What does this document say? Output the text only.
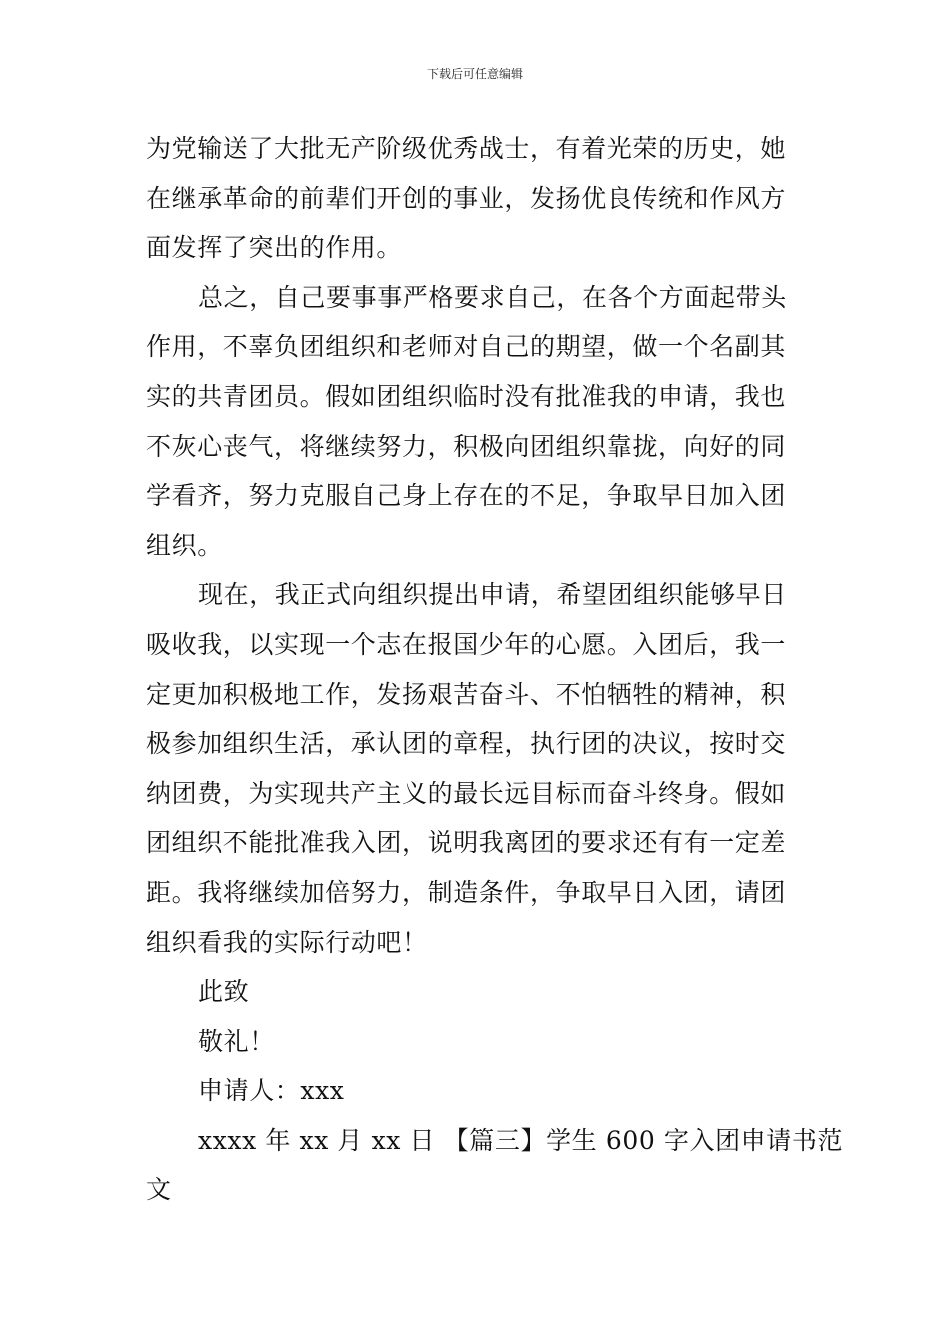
下载后可任意编辑
为党输送了大批无产阶级优秀战士，有着光荣的历史，她
在继承革命的前辈们开创的事业，发扬优良传统和作风方
面发挥了突出的作用。
总之，自己要事事严格要求自己，在各个方面起带头
作用，不辜负团组织和老师对自己的期望，做一个名副其
实的共青团员。假如团组织临时没有批准我的申请，我也
不灰心丧气，将继续努力，积极向团组织靠拢，向好的同
学看齐，努力克服自己身上存在的不足，争取早日加入团
组织。
现在，我正式向组织提出申请，希望团组织能够早日
吸收我，以实现一个志在报国少年的心愿。入团后，我一
定更加积极地工作，发扬艰苦奋斗、不怕牺牲的精神，积
极参加组织生活，承认团的章程，执行团的决议，按时交
纳团费，为实现共产主义的最长远目标而奋斗终身。假如
团组织不能批准我入团，说明我离团的要求还有有一定差
距。我将继续加倍努力，制造条件，争取早日入团，请团
组织看我的实际行动吧！
此致
敬礼！
申请人：xxx
xxxx 年 xx 月 xx 日 【篇三】学生 600 字入团申请书范
文
